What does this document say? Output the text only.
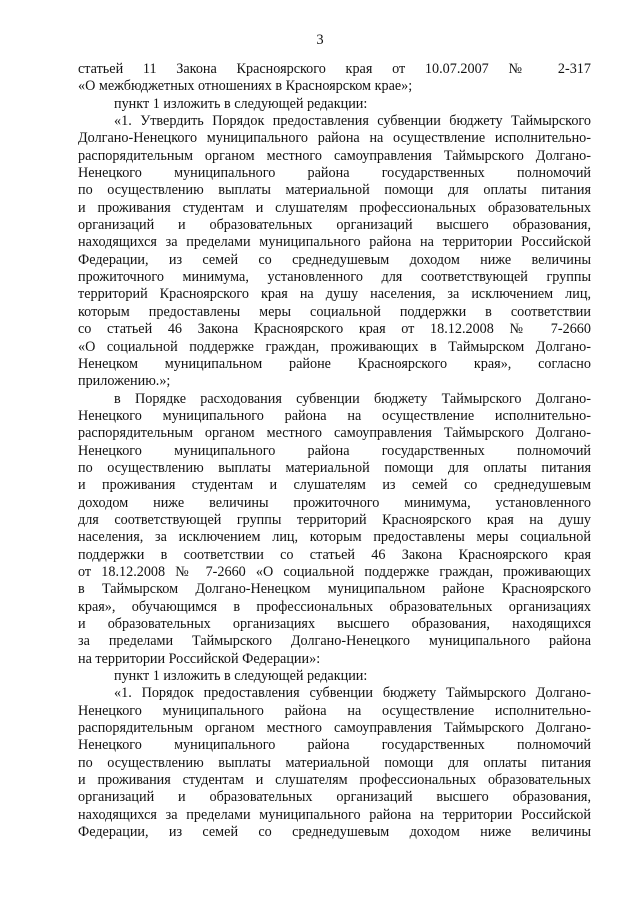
3
статьей 11 Закона Красноярского края от 10.07.2007 № 2-317
«О межбюджетных отношениях в Красноярском крае»;
пункт 1 изложить в следующей редакции:
«1. Утвердить Порядок предоставления субвенции бюджету Таймырского
Долгано-Ненецкого муниципального района на осуществление исполнительно-
распорядительным органом местного самоуправления Таймырского Долгано-
Ненецкого муниципального района государственных полномочий
по осуществлению выплаты материальной помощи для оплаты питания
и проживания студентам и слушателям профессиональных образовательных
организаций и образовательных организаций высшего образования,
находящихся за пределами муниципального района на территории Российской
Федерации, из семей со среднедушевым доходом ниже величины
прожиточного минимума, установленного для соответствующей группы
территорий Красноярского края на душу населения, за исключением лиц,
которым предоставлены меры социальной поддержки в соответствии
со статьей 46 Закона Красноярского края от 18.12.2008 № 7-2660
«О социальной поддержке граждан, проживающих в Таймырском Долгано-
Ненецком муниципальном районе Красноярского края», согласно
приложению.»;
в Порядке расходования субвенции бюджету Таймырского Долгано-
Ненецкого муниципального района на осуществление исполнительно-
распорядительным органом местного самоуправления Таймырского Долгано-
Ненецкого муниципального района государственных полномочий
по осуществлению выплаты материальной помощи для оплаты питания
и проживания студентам и слушателям из семей со среднедушевым
доходом ниже величины прожиточного минимума, установленного
для соответствующей группы территорий Красноярского края на душу
населения, за исключением лиц, которым предоставлены меры социальной
поддержки в соответствии со статьей 46 Закона Красноярского края
от 18.12.2008 № 7-2660 «О социальной поддержке граждан, проживающих
в Таймырском Долгано-Ненецком муниципальном районе Красноярского
края», обучающимся в профессиональных образовательных организациях
и образовательных организациях высшего образования, находящихся
за пределами Таймырского Долгано-Ненецкого муниципального района
на территории Российской Федерации»:
пункт 1 изложить в следующей редакции:
«1. Порядок предоставления субвенции бюджету Таймырского Долгано-
Ненецкого муниципального района на осуществление исполнительно-
распорядительным органом местного самоуправления Таймырского Долгано-
Ненецкого муниципального района государственных полномочий
по осуществлению выплаты материальной помощи для оплаты питания
и проживания студентам и слушателям профессиональных образовательных
организаций и образовательных организаций высшего образования,
находящихся за пределами муниципального района на территории Российской
Федерации, из семей со среднедушевым доходом ниже величины
